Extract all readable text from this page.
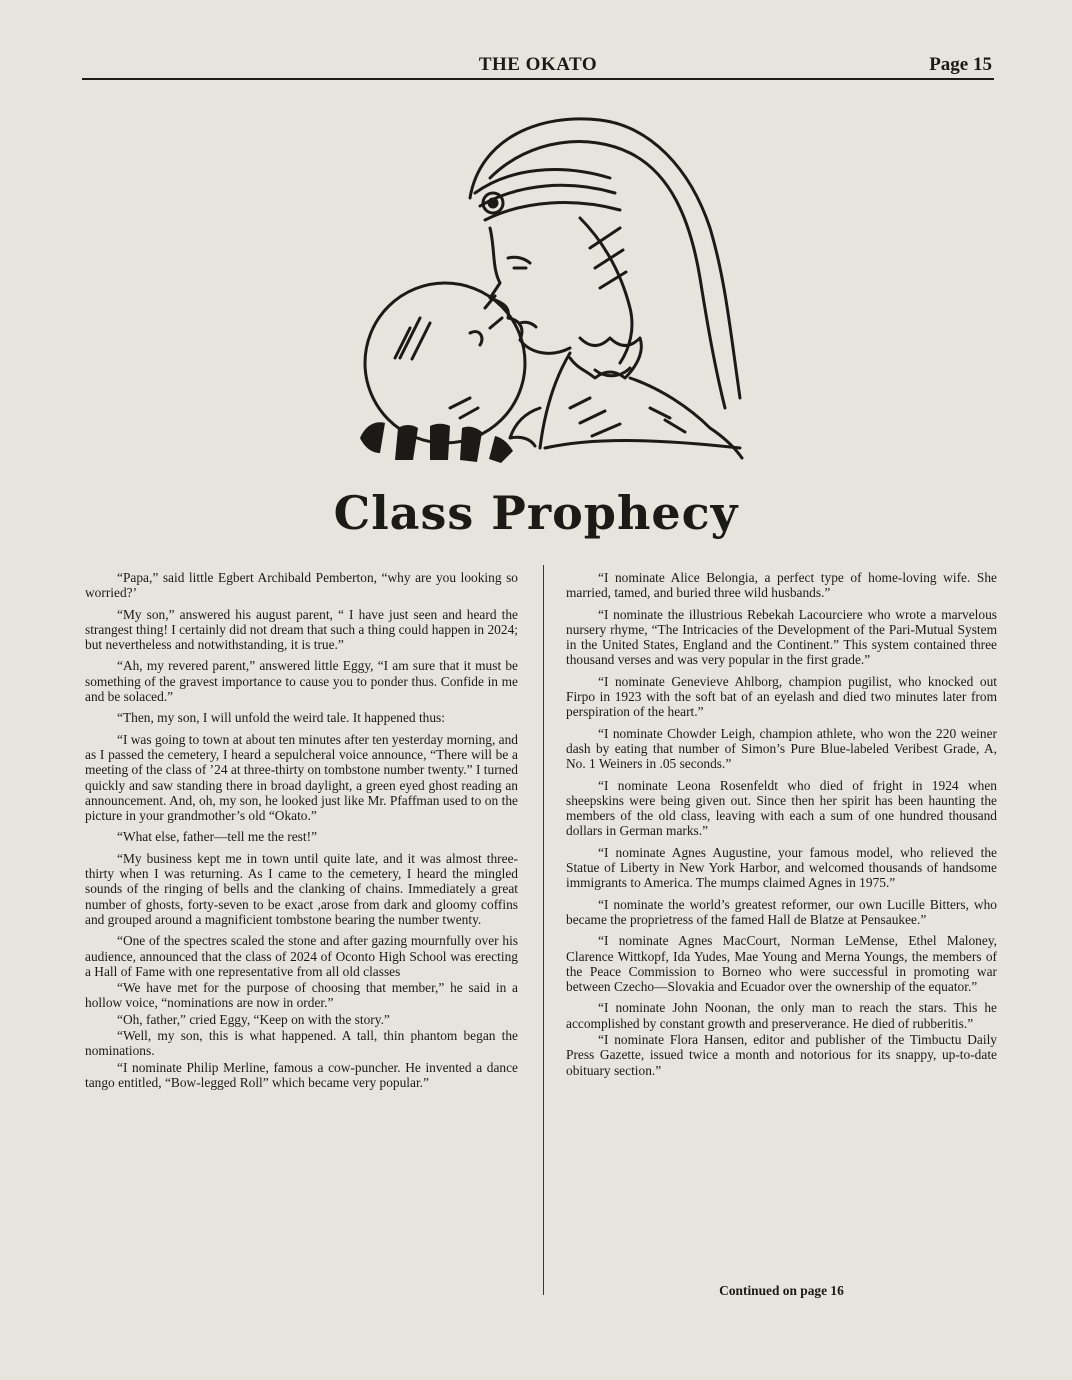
THE OKATO	Page 15
Class Prophecy

“Papa,” said little Egbert Archibald Pemberton, “why are you looking so worried?’

“My son,” answered his august parent, “ I have just seen and heard the strangest thing! I certainly did not dream that such a thing could happen in 2024; but nevertheless and notwithstanding, it is true.”

“Ah, my revered parent,” answered little Eggy, “I am sure that it must be something of the gravest importance to cause you to ponder thus. Confide in me and be solaced.”

“Then, my son, I will unfold the weird tale. It happened thus:

“I was going to town at about ten minutes after ten yesterday morning, and as I passed the cemetery, I heard a sepulcheral voice announce, “There will be a meeting of the class of ’24 at three-thirty on tombstone number twenty.” I turned quickly and saw standing there in broad daylight, a green eyed ghost reading an announcement. And, oh, my son, he looked just like Mr. Pfaffman used to on the picture in your grandmother’s old “Okato.”

“What else, father—tell me the rest!”

“My business kept me in town until quite late, and it was almost three-thirty when I was returning. As I came to the cemetery, I heard the mingled sounds of the ringing of bells and the clanking of chains. Immediately a great number of ghosts, forty-seven to be exact ,arose from dark and gloomy coffins and grouped around a magnificient tombstone bearing the number twenty.

“One of the spectres scaled the stone and after gazing mournfully over his audience, announced that the class of 2024 of Oconto High School was erecting a Hall of Fame with one representative from all old classes

“We have met for the purpose of choosing that member,” he said in a hollow voice, “nominations are now in order.”

“Oh, father,” cried Eggy, “Keep on with the story.”

“Well, my son, this is what happened. A tall, thin phantom began the nominations.

“I nominate Philip Merline, famous a cow-puncher. He invented a dance tango entitled, “Bow-legged Roll” which became very popular.”

“I nominate Alice Belongia, a perfect type of home-loving wife. She married, tamed, and buried three wild husbands.”

“I nominate the illustrious Rebekah Lacourciere who wrote a marvelous nursery rhyme, “The Intricacies of the Development of the Pari-Mutual System in the United States, England and the Continent.” This system contained three thousand verses and was very popular in the first grade.”

“I nominate Genevieve Ahlborg, champion pugilist, who knocked out Firpo in 1923 with the soft bat of an eyelash and died two minutes later from perspiration of the heart.”

“I nominate Chowder Leigh, champion athlete, who won the 220 weiner dash by eating that number of Simon’s Pure Blue-labeled Veribest Grade, A, No. 1 Weiners in .05 seconds.”

“I nominate Leona Rosenfeldt who died of fright in 1924 when sheepskins were being given out. Since then her spirit has been haunting the members of the old class, leaving with each a sum of one hundred thousand dollars in German marks.”

“I nominate Agnes Augustine, your famous model, who relieved the Statue of Liberty in New York Harbor, and welcomed thousands of handsome immigrants to America. The mumps claimed Agnes in 1975.”

“I nominate the world’s greatest reformer, our own Lucille Bitters, who became the proprietress of the famed Hall de Blatze at Pensaukee.”

“I nominate Agnes MacCourt, Norman LeMense, Ethel Maloney, Clarence Wittkopf, Ida Yudes, Mae Young and Merna Youngs, the members of the Peace Commission to Borneo who were successful in promoting war between Czecho—Slovakia and Ecuador over the ownership of the equator.”

“I nominate John Noonan, the only man to reach the stars. This he accomplished by constant growth and preserverance. He died of rubberitis.”

“I nominate Flora Hansen, editor and publisher of the Timbuctu Daily Press Gazette, issued twice a month and notorious for its snappy, up-to-date obituary section.”

Continued on page 16
